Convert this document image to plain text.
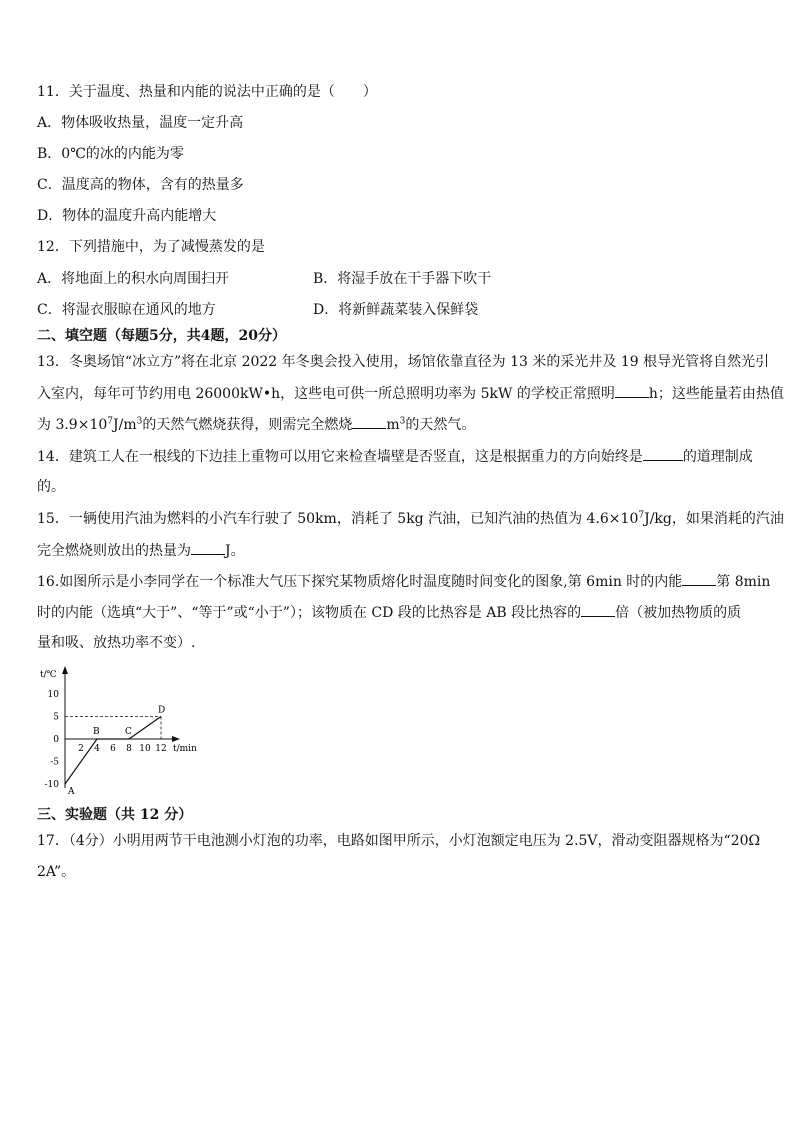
11．关于温度、热量和内能的说法中正确的是（　　）
A．物体吸收热量，温度一定升高
B．0℃的冰的内能为零
C．温度高的物体，含有的热量多
D．物体的温度升高内能增大
12．下列措施中，为了减慢蒸发的是
A．将地面上的积水向周围扫开	B．将湿手放在干手器下吹干
C．将湿衣服晾在通风的地方	D．将新鲜蔬菜装入保鲜袋
二、填空题（每题5分，共4题，20分）
13．冬奥场馆“冰立方”将在北京 2022 年冬奥会投入使用，场馆依靠直径为 13 米的采光井及 19 根导光管将自然光引
入室内，每年可节约用电 26000kW•h，这些电可供一所总照明功率为 5kW 的学校正常照明 h；这些能量若由热值
为 $3.9\times 10^7J/m^3$的天然气燃烧获得，则需完全燃烧 $m^3$的天然气。
14．建筑工人在一根线的下边挂上重物可以用它来检查墙壁是否竖直，这是根据重力的方向始终是	的道理制成
的。
15．一辆使用汽油为燃料的小汽车行驶了 50km，消耗了 5kg 汽油，已知汽油的热值为 $4.6\times 10^7J/kg$，如果消耗的汽油
完全燃烧则放出的热量为 J。
16.如图所示是小李同学在一个标准大气压下探究某物质熔化时温度随时间变化的图象,第 6min 时的内能 第 8min
时的内能（选填“大于”、“等于”或“小于”）；该物质在 CD 段的比热容是 AB 段比热容的 倍（被加热物质的质
量和吸、放热功率不变）.
t/℃
t/min
10
5
0
-5
-10
2 4 6 8 10 12
A
B	C
D
三、实验题（共 12 分）
17．（4分）小明用两节干电池测小灯泡的功率，电路如图甲所示，小灯泡额定电压为 2.5V，滑动变阻器规格为“20Ω
2A”。
